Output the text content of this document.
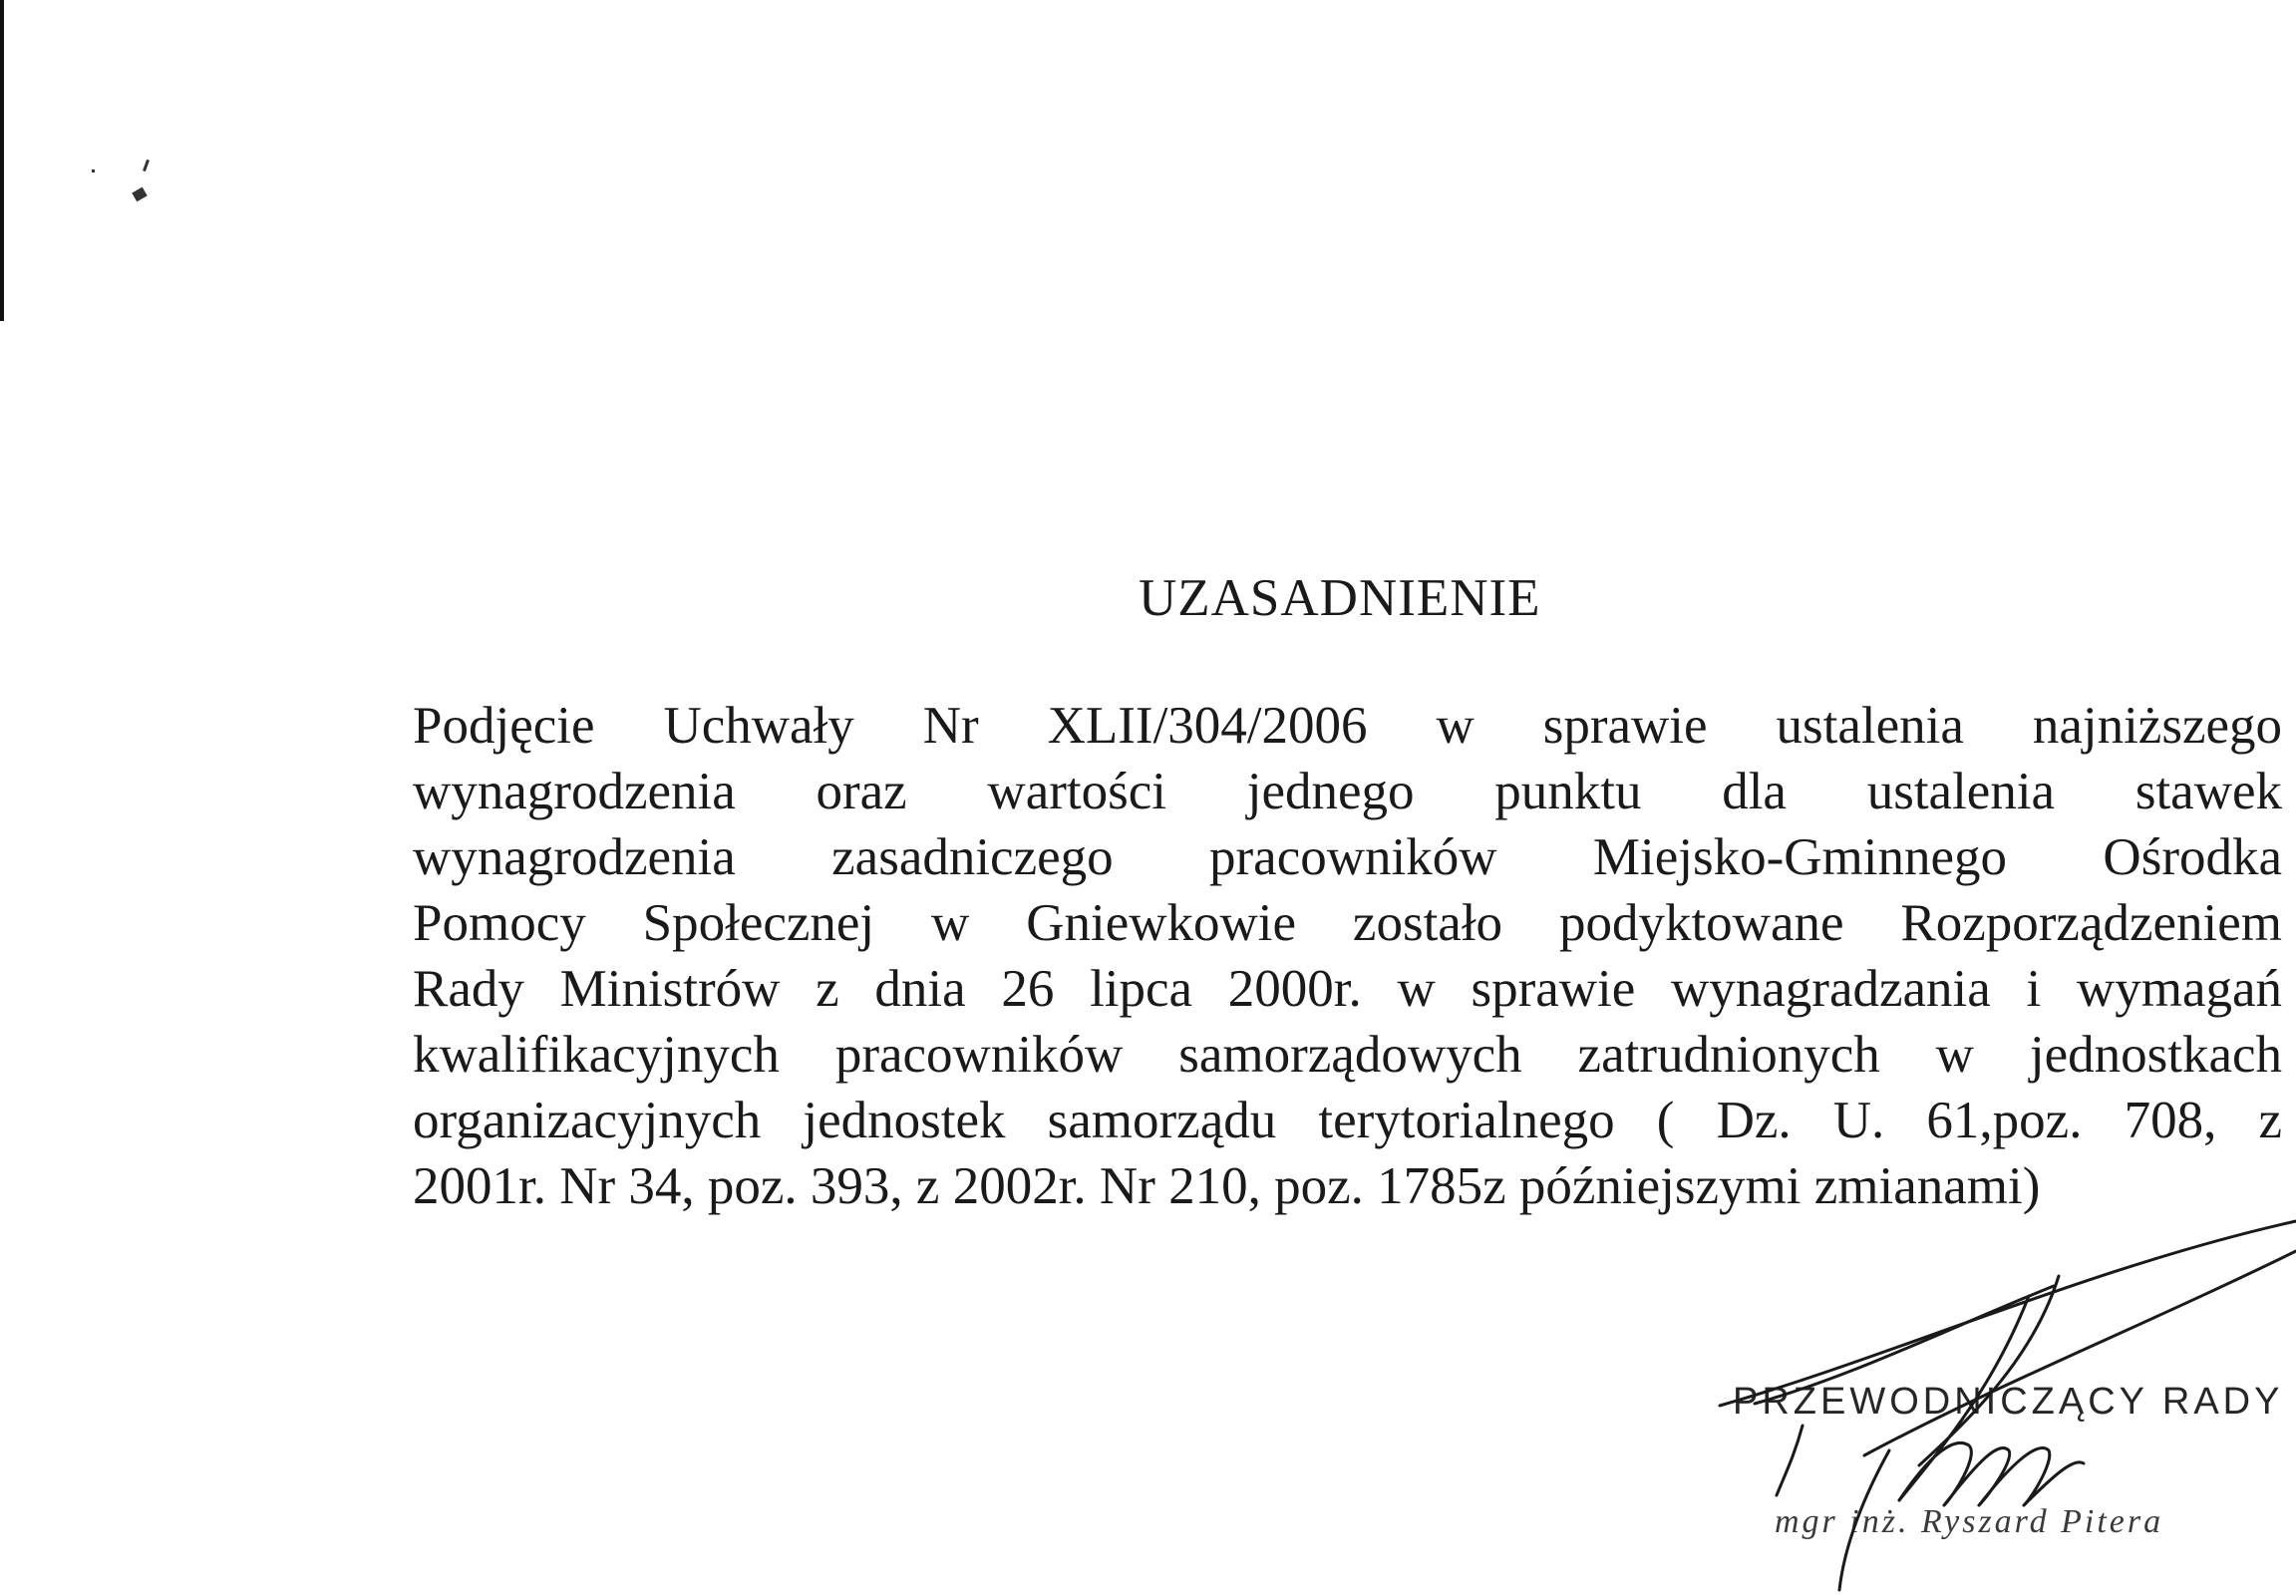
UZASADNIENIE
Podjęcie Uchwały Nr XLII/304/2006 w sprawie ustalenia najniższego
wynagrodzenia oraz wartości jednego punktu dla ustalenia stawek
wynagrodzenia zasadniczego pracowników Miejsko-Gminnego Ośrodka
Pomocy Społecznej w Gniewkowie zostało podyktowane Rozporządzeniem
Rady Ministrów z dnia 26 lipca 2000r. w sprawie wynagradzania i wymagań
kwalifikacyjnych pracowników samorządowych zatrudnionych w jednostkach
organizacyjnych jednostek samorządu terytorialnego ( Dz. U. 61,poz. 708, z
2001r. Nr 34, poz. 393, z 2002r. Nr 210, poz. 1785z późniejszymi zmianami)
PRZEWODNICZĄCY RADY
mgr inż. Ryszard Pitera
